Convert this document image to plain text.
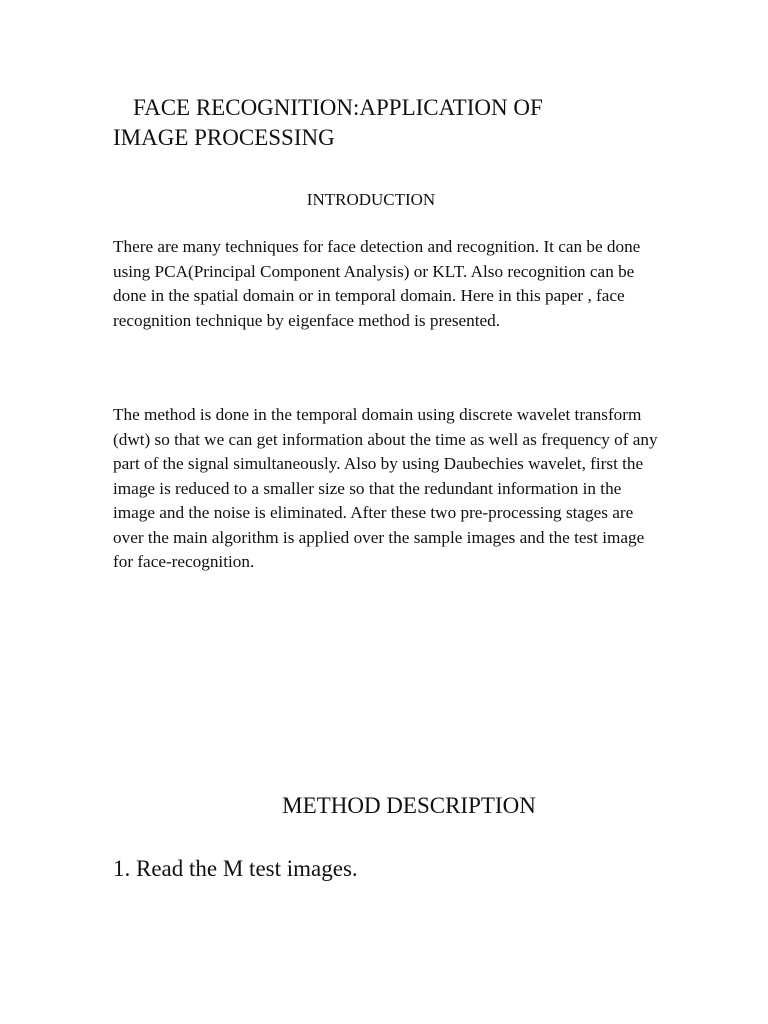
FACE RECOGNITION:APPLICATION OF
IMAGE PROCESSING
INTRODUCTION

There are many techniques for face detection and recognition. It can be done using PCA(Principal Component Analysis) or KLT. Also recognition can be done in the spatial domain or in temporal domain. Here in this paper , face recognition technique by eigenface method is presented.

The method is done in the temporal domain using discrete wavelet transform (dwt) so that we can get information about the time as well as frequency of any part of the signal simultaneously. Also by using Daubechies wavelet, first the image is reduced to a smaller size so that the redundant information in the image and the noise is eliminated. After these two pre-processing stages are over the main algorithm is applied over the sample images and the test image for face-recognition.

METHOD DESCRIPTION

1. Read the M test images.
